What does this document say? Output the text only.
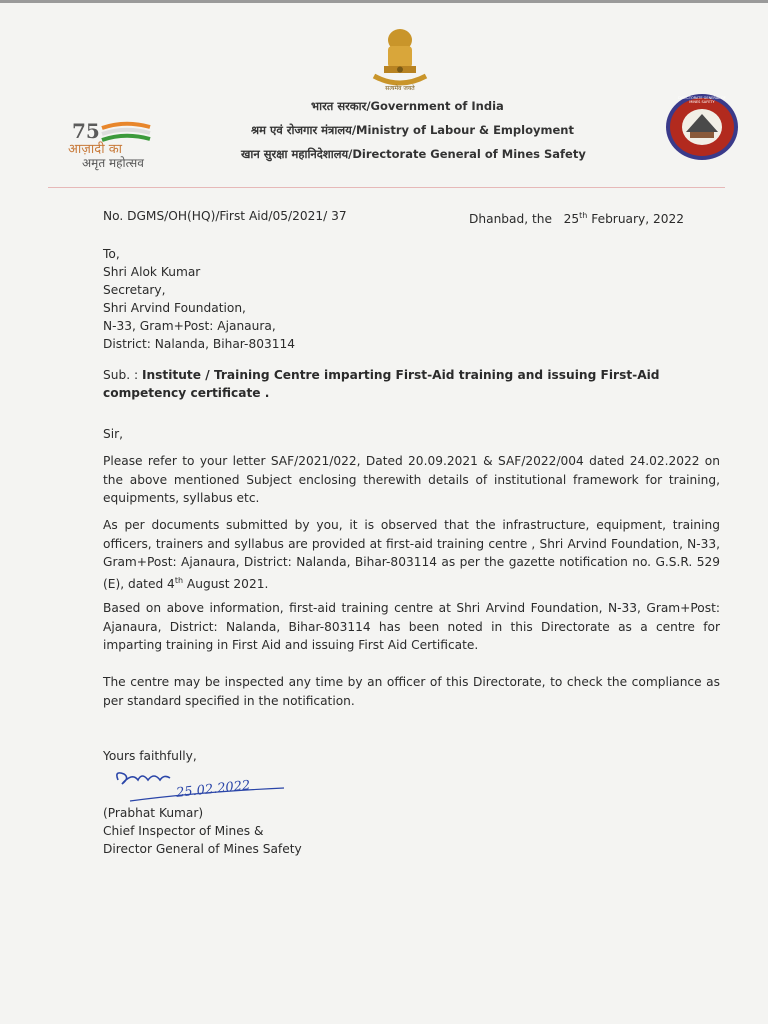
75
आज़ादी का
अमृत महोत्सव
सत्यमेव जयते
भारत सरकार/Government of India
श्रम एवं रोजगार मंत्रालय/Ministry of Labour & Employment
खान सुरक्षा महानिदेशालय/Directorate General of Mines Safety
DIRECTORATE GENERAL OF MINES SAFETY
No. DGMS/OH(HQ)/First Aid/05/2021/ 37	Dhanbad, the 25th February, 2022
To,
Shri Alok Kumar
Secretary,
Shri Arvind Foundation,
N-33, Gram+Post: Ajanaura,
District: Nalanda, Bihar-803114
Sub. : Institute / Training Centre imparting First-Aid training and issuing First-Aid
competency certificate .
Sir,
Please refer to your letter SAF/2021/022, Dated 20.09.2021 & SAF/2022/004 dated 24.02.2022 on the above mentioned Subject enclosing therewith details of institutional framework for training, equipments, syllabus etc.
As per documents submitted by you, it is observed that the infrastructure, equipment, training officers, trainers and syllabus are provided at first-aid training centre , Shri Arvind Foundation, N-33, Gram+Post: Ajanaura, District: Nalanda, Bihar-803114 as per the gazette notification no. G.S.R. 529 (E), dated 4th August 2021.
Based on above information, first-aid training centre at Shri Arvind Foundation, N-33, Gram+Post: Ajanaura, District: Nalanda, Bihar-803114 has been noted in this Directorate as a centre for imparting training in First Aid and issuing First Aid Certificate.
The centre may be inspected any time by an officer of this Directorate, to check the compliance as per standard specified in the notification.
Yours faithfully,
25.02.2022
(Prabhat Kumar)
Chief Inspector of Mines &
Director General of Mines Safety
